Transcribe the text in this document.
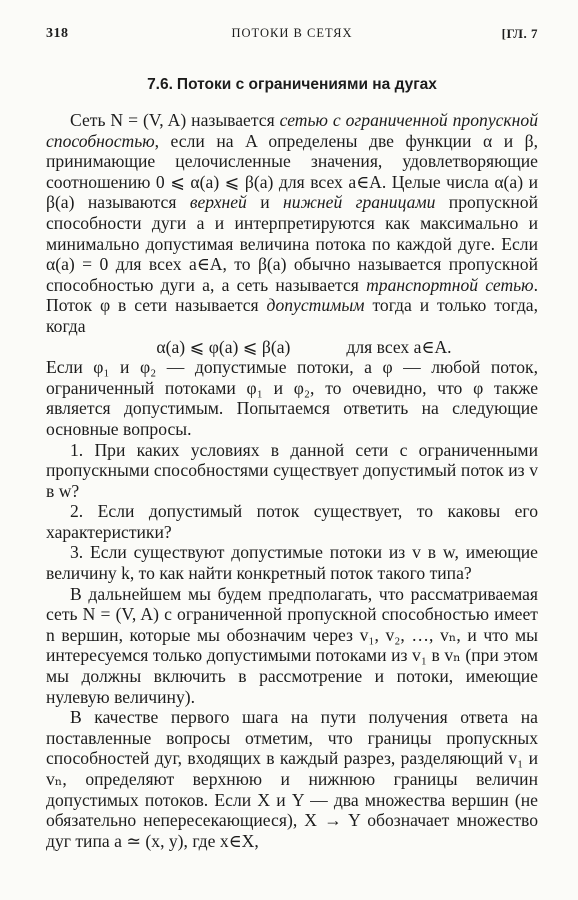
318	ПОТОКИ В СЕТЯХ	[ГЛ. 7
7.6. Потоки с ограничениями на дугах

Сеть N = (V, A) называется сетью с ограниченной пропускной способностью, если на A определены две функции α и β, принимающие целочисленные значения, удовлетворяющие соотношению 0 ⩽ α(a) ⩽ β(a) для всех a∈A. Целые числа α(a) и β(a) называются верхней и нижней границами пропускной способности дуги a и интерпретируются как максимально и минимально допустимая величина потока по каждой дуге. Если α(a) = 0 для всех a∈A, то β(a) обычно называется пропускной способностью дуги a, а сеть называется транспортной сетью. Поток φ в сети называется допустимым тогда и только тогда, когда

α(a) ⩽ φ(a) ⩽ β(a)	для всех a∈A.

Если φ₁ и φ₂ — допустимые потоки, а φ — любой поток, ограниченный потоками φ₁ и φ₂, то очевидно, что φ также является допустимым. Попытаемся ответить на следующие основные вопросы.

1. При каких условиях в данной сети с ограниченными пропускными способностями существует допустимый поток из v в w?

2. Если допустимый поток существует, то каковы его характеристики?

3. Если существуют допустимые потоки из v в w, имеющие величину k, то как найти конкретный поток такого типа?

В дальнейшем мы будем предполагать, что рассматриваемая сеть N = (V, A) с ограниченной пропускной способностью имеет n вершин, которые мы обозначим через v₁, v₂, …, vₙ, и что мы интересуемся только допустимыми потоками из v₁ в vₙ (при этом мы должны включить в рассмотрение и потоки, имеющие нулевую величину).

В качестве первого шага на пути получения ответа на поставленные вопросы отметим, что границы пропускных способностей дуг, входящих в каждый разрез, разделяющий v₁ и vₙ, определяют верхнюю и нижнюю границы величин допустимых потоков. Если X и Y — два множества вершин (не обязательно непересекающиеся), X → Y обозначает множество дуг типа a ≃ (x, y), где x∈X,
